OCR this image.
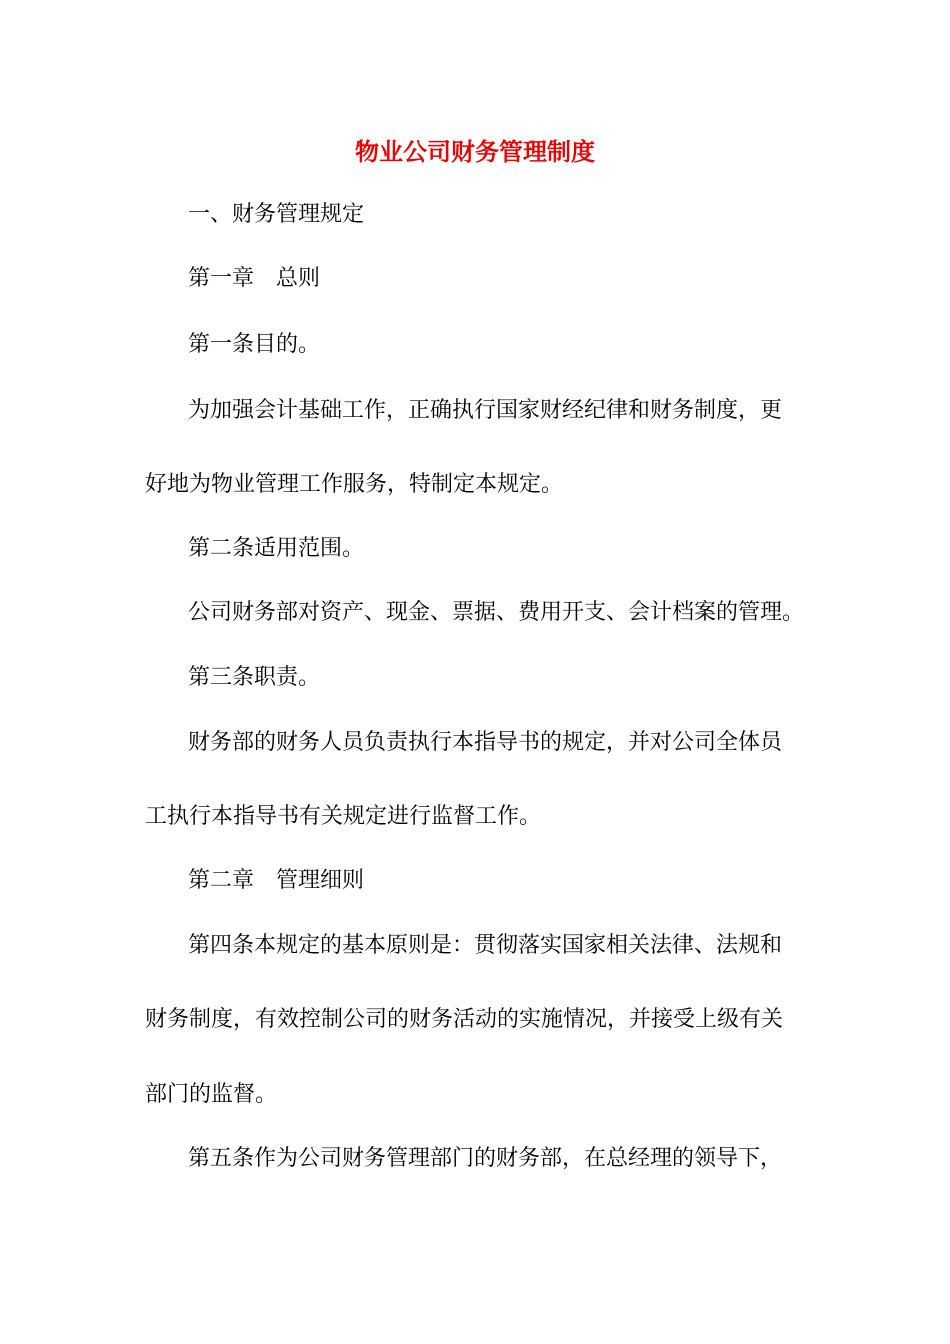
物业公司财务管理制度
一、财务管理规定
第一章　总则
第一条目的。
为加强会计基础工作，正确执行国家财经纪律和财务制度，更
好地为物业管理工作服务，特制定本规定。
第二条适用范围。
公司财务部对资产、现金、票据、费用开支、会计档案的管理。
第三条职责。
财务部的财务人员负责执行本指导书的规定，并对公司全体员
工执行本指导书有关规定进行监督工作。
第二章　管理细则
第四条本规定的基本原则是：贯彻落实国家相关法律、法规和
财务制度，有效控制公司的财务活动的实施情况，并接受上级有关
部门的监督。
第五条作为公司财务管理部门的财务部，在总经理的领导下，
